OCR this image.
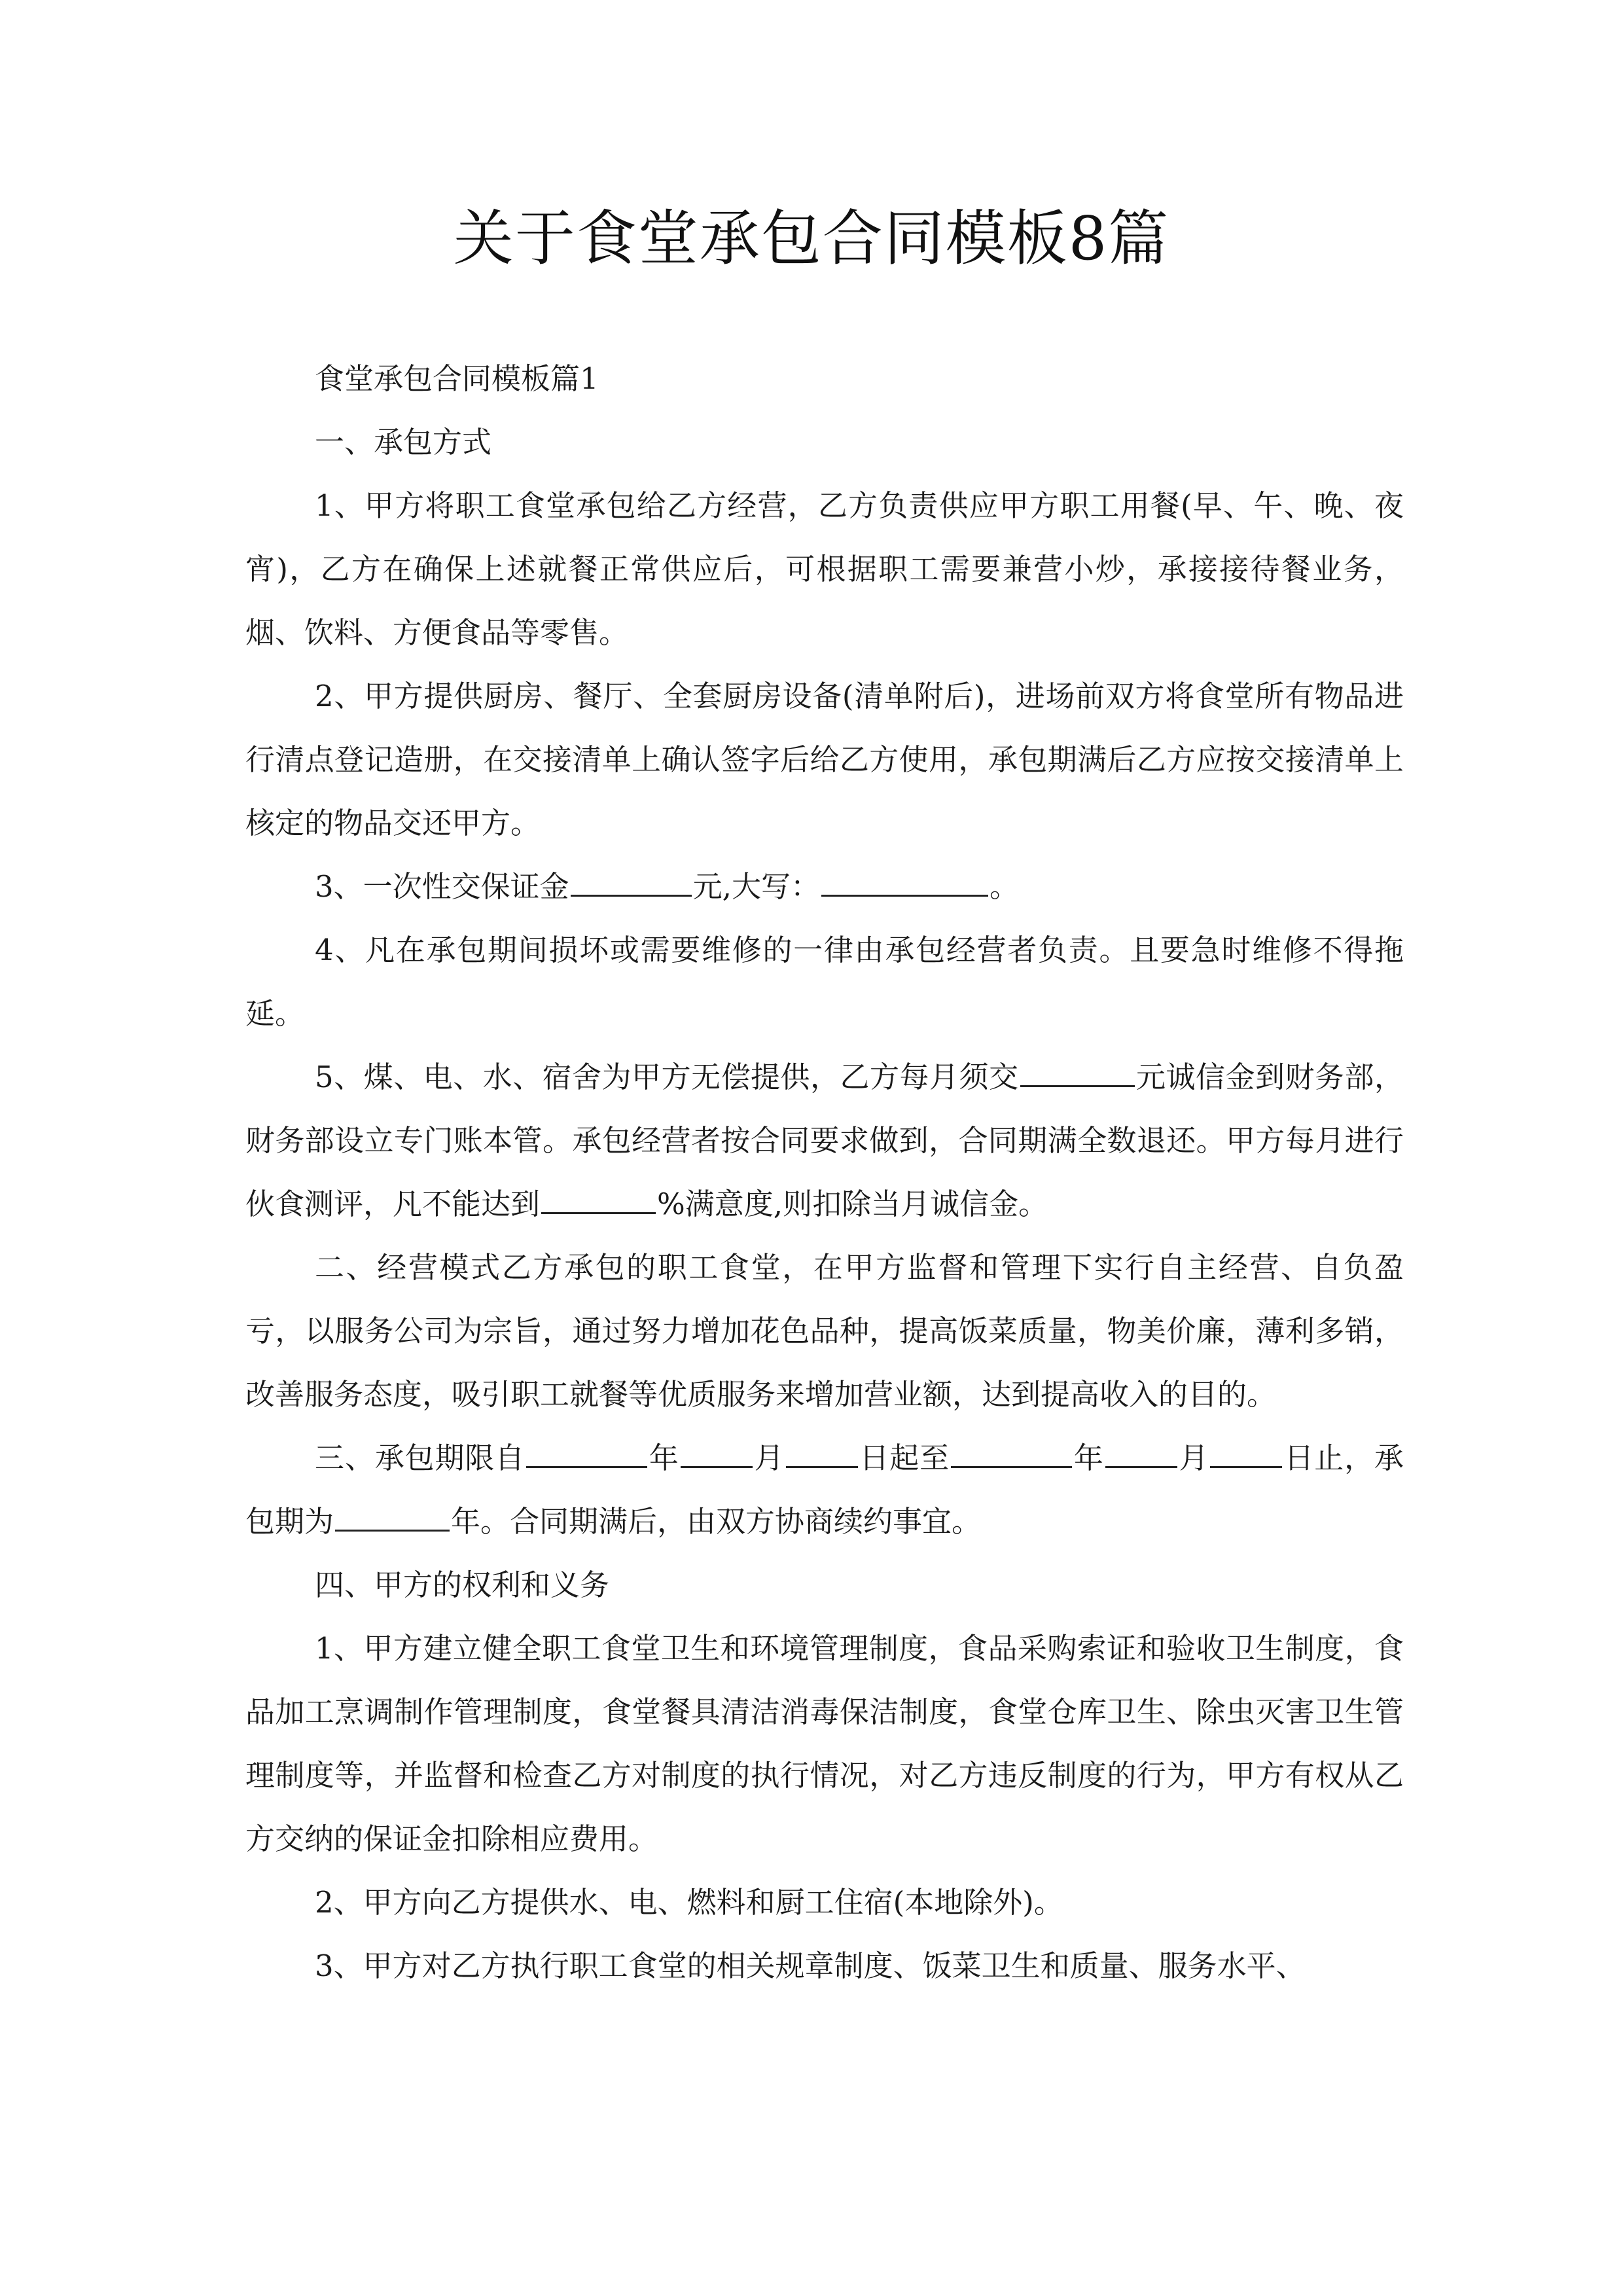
关于食堂承包合同模板8篇

食堂承包合同模板篇1

一、承包方式

1、甲方将职工食堂承包给乙方经营，乙方负责供应甲方职工用餐(早、午、晚、夜宵)，乙方在确保上述就餐正常供应后，可根据职工需要兼营小炒，承接接待餐业务，烟、饮料、方便食品等零售。

2、甲方提供厨房、餐厅、全套厨房设备(清单附后)，进场前双方将食堂所有物品进行清点登记造册，在交接清单上确认签字后给乙方使用，承包期满后乙方应按交接清单上核定的物品交还甲方。

3、一次性交保证金	元,大写：	。

4、凡在承包期间损坏或需要维修的一律由承包经营者负责。且要急时维修不得拖延。

5、煤、电、水、宿舍为甲方无偿提供，乙方每月须交	元诚信金到财务部，财务部设立专门账本管。承包经营者按合同要求做到，合同期满全数退还。甲方每月进行伙食测评，凡不能达到	%满意度,则扣除当月诚信金。

二、经营模式乙方承包的职工食堂，在甲方监督和管理下实行自主经营、自负盈亏，以服务公司为宗旨，通过努力增加花色品种，提高饭菜质量，物美价廉，薄利多销，改善服务态度，吸引职工就餐等优质服务来增加营业额，达到提高收入的目的。

三、承包期限自	年	月	日起至	年	月	日止，承包期为	年。合同期满后，由双方协商续约事宜。

四、甲方的权利和义务

1、甲方建立健全职工食堂卫生和环境管理制度，食品采购索证和验收卫生制度，食品加工烹调制作管理制度，食堂餐具清洁消毒保洁制度，食堂仓库卫生、除虫灭害卫生管理制度等，并监督和检查乙方对制度的执行情况，对乙方违反制度的行为，甲方有权从乙方交纳的保证金扣除相应费用。

2、甲方向乙方提供水、电、燃料和厨工住宿(本地除外)。

3、甲方对乙方执行职工食堂的相关规章制度、饭菜卫生和质量、服务水平、
